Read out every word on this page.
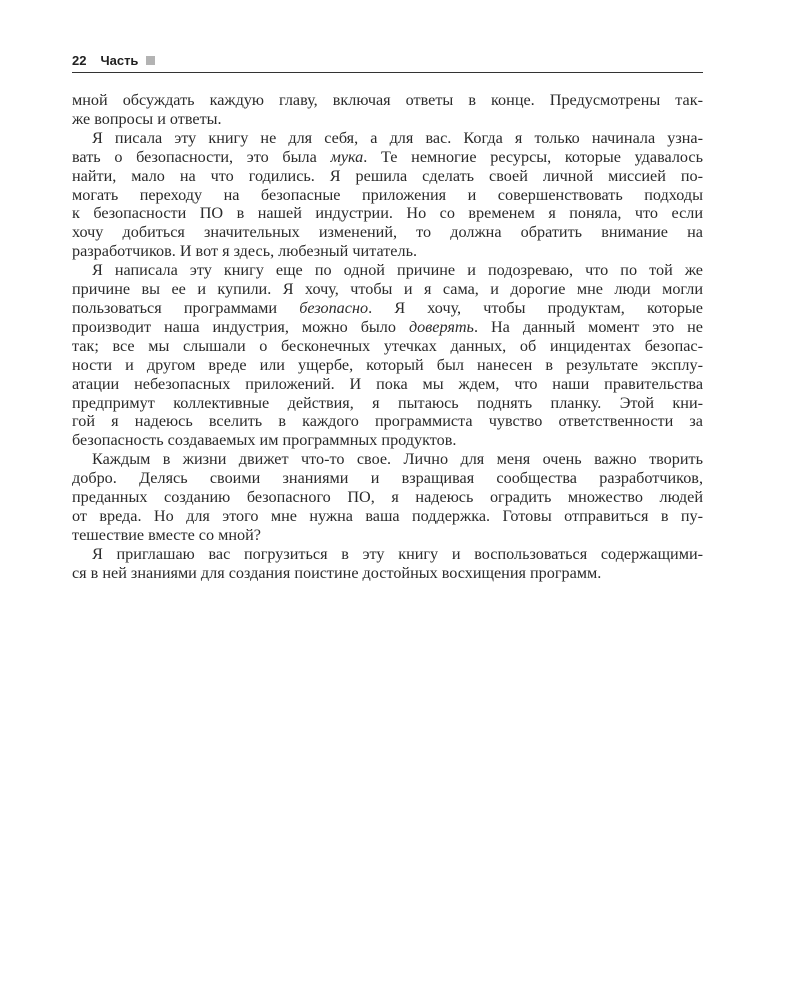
22 Часть
мной обсуждать каждую главу, включая ответы в конце. Предусмотрены так-
же вопросы и ответы.
Я писала эту книгу не для себя, а для вас. Когда я только начинала узна-
вать о безопасности, это была мука. Те немногие ресурсы, которые удавалось
найти, мало на что годились. Я решила сделать своей личной миссией по-
могать переходу на безопасные приложения и совершенствовать подходы
к безопасности ПО в нашей индустрии. Но со временем я поняла, что если
хочу добиться значительных изменений, то должна обратить внимание на
разработчиков. И вот я здесь, любезный читатель.
Я написала эту книгу еще по одной причине и подозреваю, что по той же
причине вы ее и купили. Я хочу, чтобы и я сама, и дорогие мне люди могли
пользоваться программами безопасно. Я хочу, чтобы продуктам, которые
производит наша индустрия, можно было доверять. На данный момент это не
так; все мы слышали о бесконечных утечках данных, об инцидентах безопас-
ности и другом вреде или ущербе, который был нанесен в результате эксплу-
атации небезопасных приложений. И пока мы ждем, что наши правительства
предпримут коллективные действия, я пытаюсь поднять планку. Этой кни-
гой я надеюсь вселить в каждого программиста чувство ответственности за
безопасность создаваемых им программных продуктов.
Каждым в жизни движет что-то свое. Лично для меня очень важно творить
добро. Делясь своими знаниями и взращивая сообщества разработчиков,
преданных созданию безопасного ПО, я надеюсь оградить множество людей
от вреда. Но для этого мне нужна ваша поддержка. Готовы отправиться в пу-
тешествие вместе со мной?
Я приглашаю вас погрузиться в эту книгу и воспользоваться содержащими-
ся в ней знаниями для создания поистине достойных восхищения программ.
